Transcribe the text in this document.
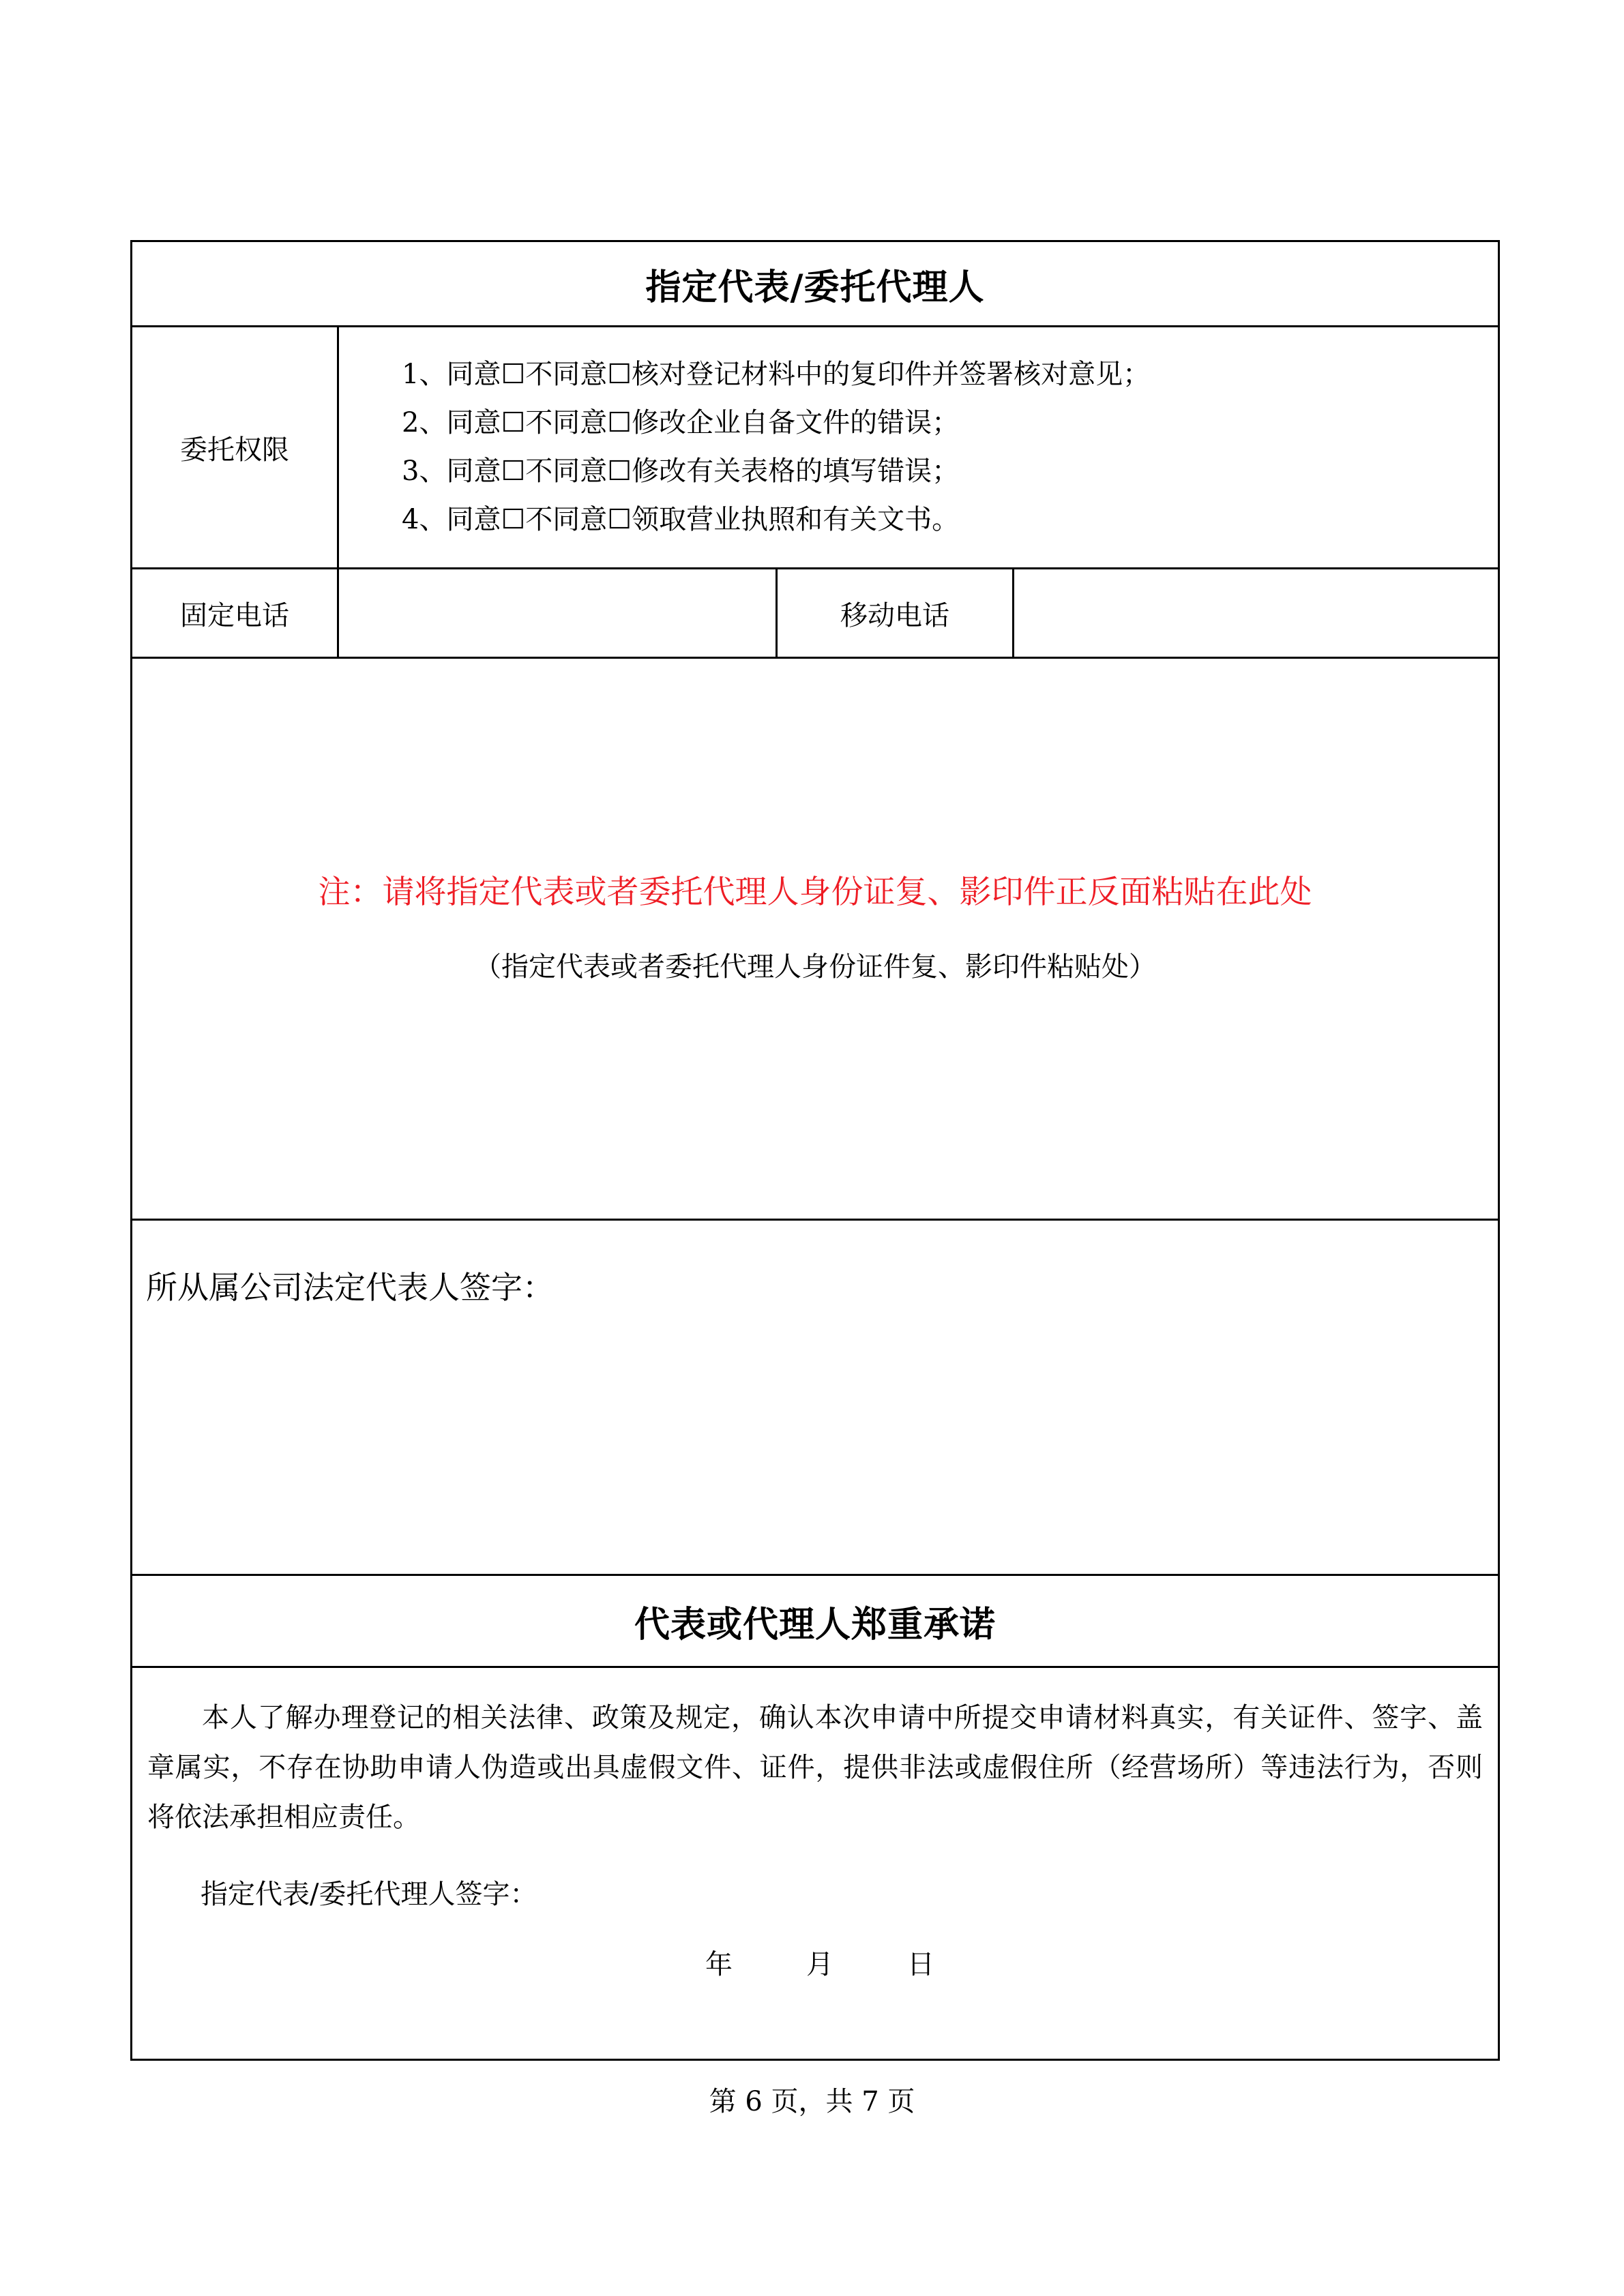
指定代表/委托代理人
委托权限
1、同意☐不同意☐核对登记材料中的复印件并签署核对意见；
2、同意☐不同意☐修改企业自备文件的错误；
3、同意☐不同意☐修改有关表格的填写错误；
4、同意☐不同意☐领取营业执照和有关文书。
固定电话	移动电话
注：请将指定代表或者委托代理人身份证复、影印件正反面粘贴在此处
（指定代表或者委托代理人身份证件复、影印件粘贴处）
所从属公司法定代表人签字：
代表或代理人郑重承诺
本人了解办理登记的相关法律、政策及规定，确认本次申请中所提交申请材料真实，有关证件、签字、盖章属实，不存在协助申请人伪造或出具虚假文件、证件，提供非法或虚假住所（经营场所）等违法行为，否则将依法承担相应责任。
指定代表/委托代理人签字：
年	月	日
第 6 页，共 7 页
